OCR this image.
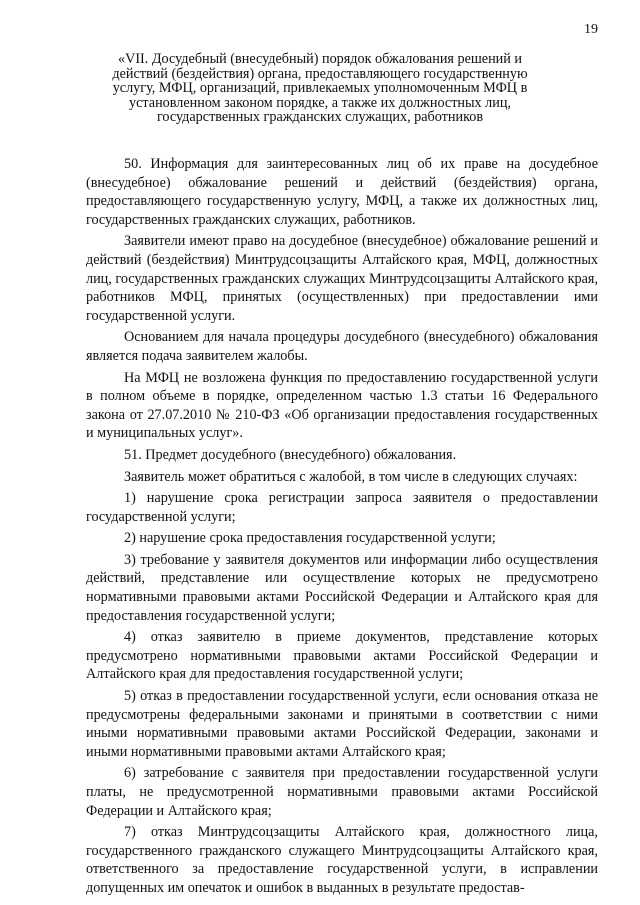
19
«VII. Досудебный (внесудебный) порядок обжалования решений и действий (бездействия) органа, предоставляющего государственную услугу, МФЦ, организаций, привлекаемых уполномоченным МФЦ в установленном законом порядке, а также их должностных лиц, государственных гражданских служащих, работников

50. Информация для заинтересованных лиц об их праве на досудебное (внесудебное) обжалование решений и действий (бездействия) органа, предоставляющего государственную услугу, МФЦ, а также их должностных лиц, государственных гражданских служащих, работников.

Заявители имеют право на досудебное (внесудебное) обжалование решений и действий (бездействия) Минтрудсоцзащиты Алтайского края, МФЦ, должностных лиц, государственных гражданских служащих Минтрудсоцзащиты Алтайского края, работников МФЦ, принятых (осуществленных) при предоставлении ими государственной услуги.

Основанием для начала процедуры досудебного (внесудебного) обжалования является подача заявителем жалобы.

На МФЦ не возложена функция по предоставлению государственной услуги в полном объеме в порядке, определенном частью 1.3 статьи 16 Федерального закона от 27.07.2010 № 210-ФЗ «Об организации предоставления государственных и муниципальных услуг».

51. Предмет досудебного (внесудебного) обжалования.

Заявитель может обратиться с жалобой, в том числе в следующих случаях:

1) нарушение срока регистрации запроса заявителя о предоставлении государственной услуги;

2) нарушение срока предоставления государственной услуги;

3) требование у заявителя документов или информации либо осуществления действий, представление или осуществление которых не предусмотрено нормативными правовыми актами Российской Федерации и Алтайского края для предоставления государственной услуги;

4) отказ заявителю в приеме документов, представление которых предусмотрено нормативными правовыми актами Российской Федерации и Алтайского края для предоставления государственной услуги;

5) отказ в предоставлении государственной услуги, если основания отказа не предусмотрены федеральными законами и принятыми в соответствии с ними иными нормативными правовыми актами Российской Федерации, законами и иными нормативными правовыми актами Алтайского края;

6) затребование с заявителя при предоставлении государственной услуги платы, не предусмотренной нормативными правовыми актами Российской Федерации и Алтайского края;

7) отказ Минтрудсоцзащиты Алтайского края, должностного лица, государственного гражданского служащего Минтрудсоцзащиты Алтайского края, ответственного за предоставление государственной услуги, в исправлении допущенных им опечаток и ошибок в выданных в результате предостав-
